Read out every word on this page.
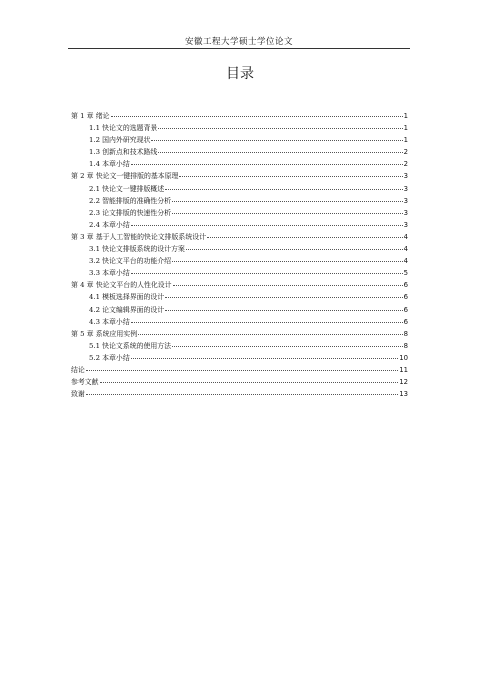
安徽工程大学硕士学位论文
目录
第 1 章 绪论	1
1.1 快论文的选题背景	1
1.2 国内外研究现状	1
1.3 创新点和技术路线	2
1.4 本章小结	2
第 2 章 快论文一键排版的基本原理	3
2.1 快论文一键排版概述	3
2.2 智能排版的准确性分析	3
2.3 论文排版的快速性分析	3
2.4 本章小结	3
第 3 章 基于人工智能的快论文排版系统设计	4
3.1 快论文排版系统的设计方案	4
3.2 快论文平台的功能介绍	4
3.3 本章小结	5
第 4 章 快论文平台的人性化设计	6
4.1 模板选择界面的设计	6
4.2 论文编辑界面的设计	6
4.3 本章小结	6
第 5 章 系统应用实例	8
5.1 快论文系统的使用方法	8
5.2 本章小结	10
结论	11
参考文献	12
致谢	13
